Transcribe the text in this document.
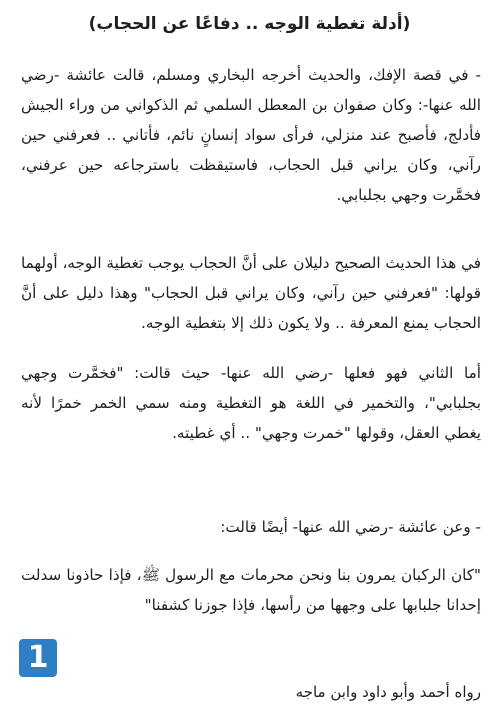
(أدلة تغطية الوجه .. دفاعًا عن الحجاب)

- في قصة الإفك، والحديث أخرجه البخاري ومسلم، قالت عائشة -رضي الله عنها-: وكان صفوان بن المعطل السلمي ثم الذكواني من وراء الجيش فأدلج، فأصبح عند منزلي، فرأى سواد إنسانٍ نائم، فأتاني .. فعرفني حين رآني، وكان يراني قبل الحجاب، فاستيقظت باسترجاعه حين عرفني، فخمَّرت وجهي بجلبابي.

في هذا الحديث الصحيح دليلان على أنَّ الحجاب يوجب تغطية الوجه، أولهما قولها: "فعرفني حين رآني، وكان يراني قبل الحجاب" وهذا دليل على أنَّ الحجاب يمنع المعرفة .. ولا يكون ذلك إلا بتغطية الوجه.

أما الثاني فهو فعلها -رضي الله عنها- حيث قالت: "فخمَّرت وجهي بجلبابي"، والتخمير في اللغة هو التغطية ومنه سمي الخمر خمرًا لأنه يغطي العقل، وقولها "خمرت وجهي" .. أي غطيته.

- وعن عائشة -رضي الله عنها- أيضًا قالت:

"كان الركبان يمرون بنا ونحن محرمات مع الرسول ﷺ، فإذا حاذونا سدلت إحدانا جلبابها على وجهها من رأسها، فإذا جوزنا كشفنا"

1
رواه أحمد وأبو داود وابن ماجه
